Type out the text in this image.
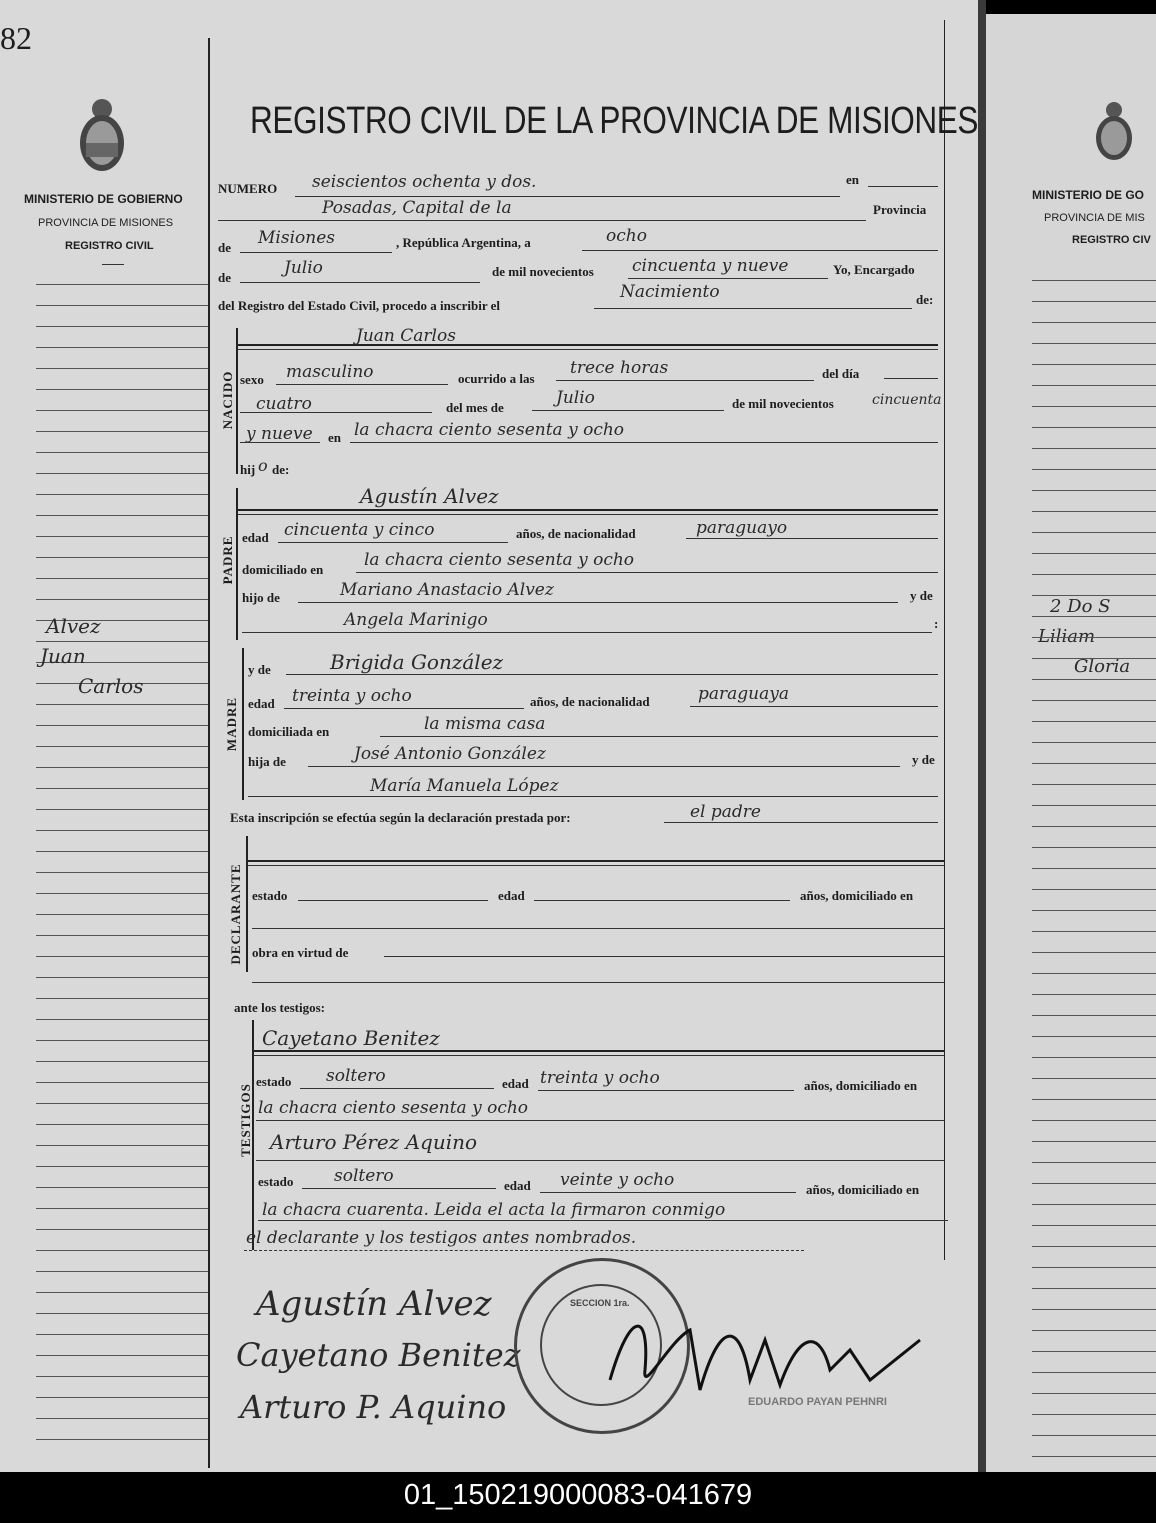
82
MINISTERIO DE GOBIERNO
PROVINCIA DE MISIONES
REGISTRO CIVIL
Alvez
Juan
Carlos
REGISTRO CIVIL DE LA PROVINCIA DE MISIONES
NUMERO seiscientos ochenta y dos.	en
Posadas, Capital de la	Provincia
de Misiones	, República Argentina, a	ocho
de	Julio	de mil novecientos cincuenta y nueve	Yo, Encargado
del Registro del Estado Civil, procedo a inscribir el
Nacimiento	de:
NACIDO
Juan Carlos
sexo masculino	ocurrido a las
trece horas	del día
cuatro	del mes de	Julio	de mil novecientos	cincuenta
y nueve en la chacra ciento sesenta y ocho
hij o de:
PADRE
Agustín Alvez
edad cincuenta y cinco	años, de nacionalidad	paraguayo
domiciliado en la chacra ciento sesenta y ocho
hijo de	Mariano Anastacio Alvez	y de
Angela Marinigo	:
MADRE
y de	Brigida González
edad treinta y ocho	años, de nacionalidad	paraguaya
domiciliada en	la misma casa
hija de	José Antonio González	y de
María Manuela López
Esta inscripción se efectúa según la declaración prestada por:	el padre
DECLARANTE estado	edad	años, domiciliado en
obra en virtud de
ante los testigos:
TESTIGOS
Cayetano Benitez
estado soltero	edad treinta y ocho	años, domiciliado en
la chacra ciento sesenta y ocho
Arturo Pérez Aquino
estado soltero	edad veinte y ocho	años, domiciliado en
la chacra cuarenta. Leida el acta la firmaron conmigo
el declarante y los testigos antes nombrados.
Agustín Alvez
Cayetano Benitez
Arturo P. Aquino
SECCION 1ra.
EDUARDO PAYAN PEHNRI
MINISTERIO DE GO
PROVINCIA DE MIS
REGISTRO CIV
2 Do S
Liliam
Gloria
01_150219000083-041679
